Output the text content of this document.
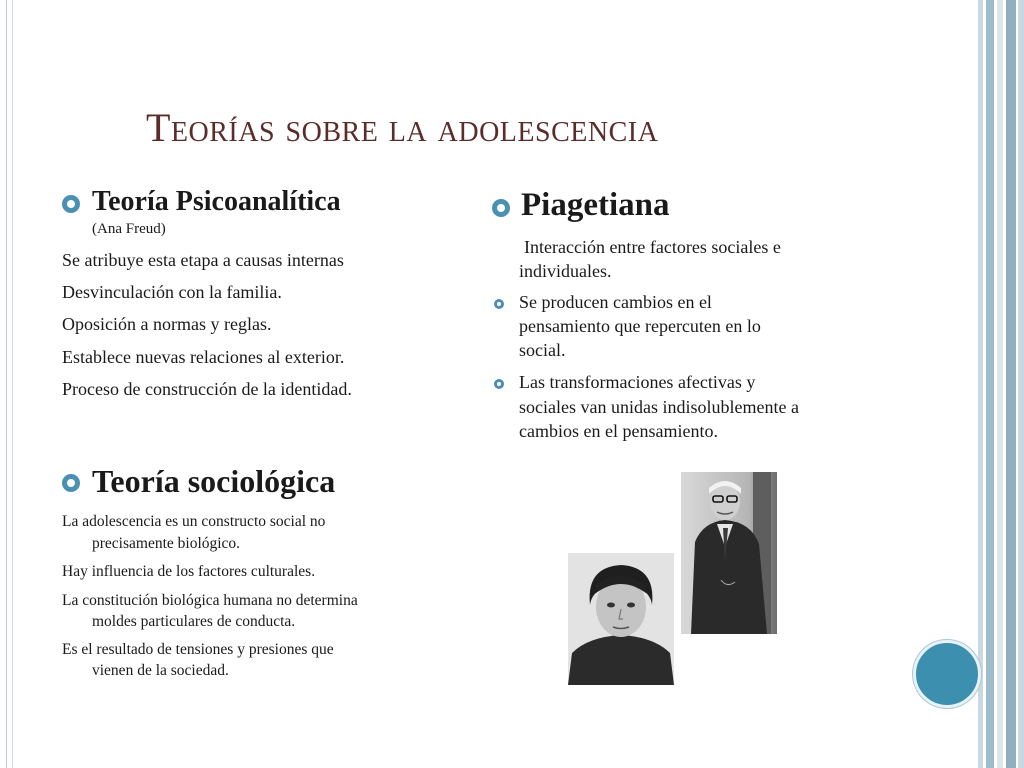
Teorías sobre la adolescencia
Teoría Psicoanalítica
(Ana Freud)
Se atribuye esta etapa a causas internas
Desvinculación con la familia.
Oposición a normas y reglas.
Establece nuevas relaciones al exterior.
Proceso de construcción de la identidad.
Teoría sociológica
La adolescencia es un constructo social no
precisamente biológico.
Hay influencia de los factores culturales.
La constitución biológica humana no determina
moldes particulares de conducta.
Es el resultado de tensiones y presiones que
vienen de la sociedad.
Piagetiana
Interacción entre factores sociales e
individuales.
Se producen cambios en el
pensamiento que repercuten en lo
social.
Las transformaciones afectivas y
sociales van unidas indisolublemente a
cambios en el pensamiento.
